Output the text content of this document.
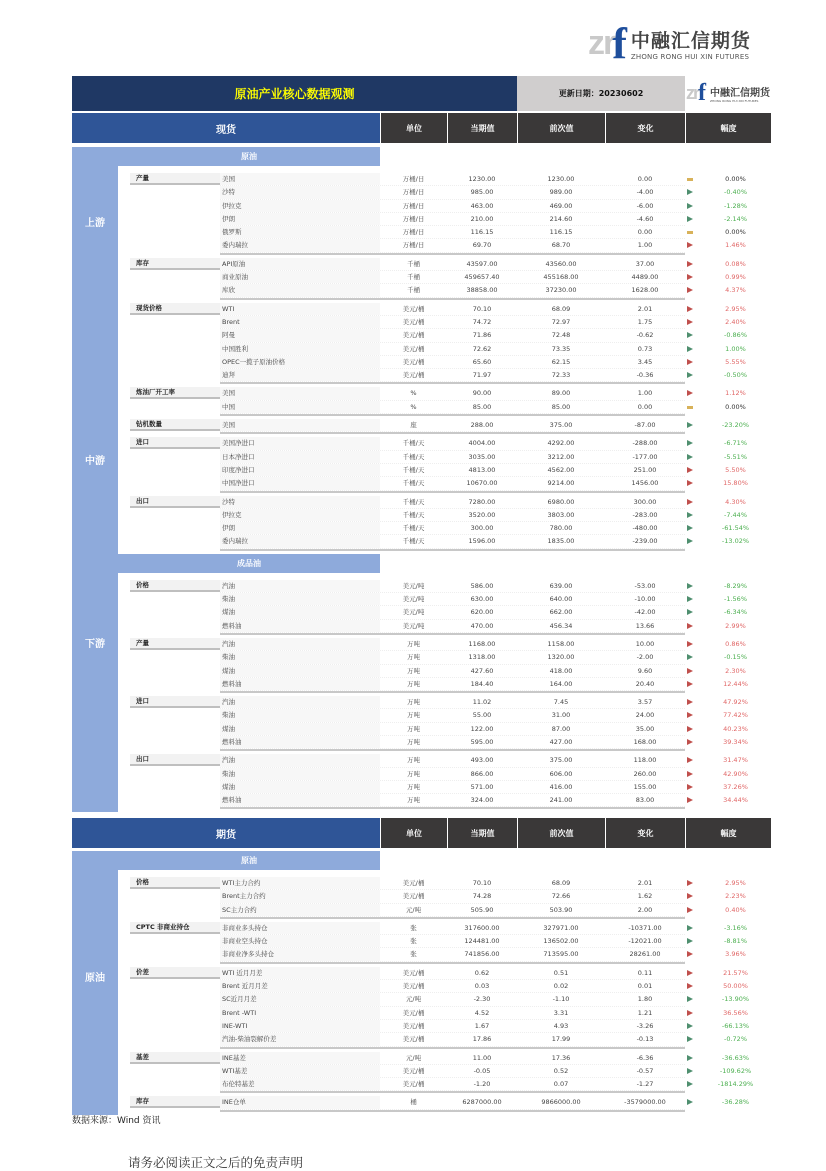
zr
f 中融汇信期货
ZHONG RONG HUI XIN FUTURES
原油产业核心数据观测	更新日期：20230602	zr f 中融汇信期货
ZHONG RONG HUI XIN FUTURES
现货	单位	当期值	前次值	变化	幅度
上游
中游
下游
原油
产量	美国	万桶/日	1230.00	1230.00	0.00	0.00%
沙特	万桶/日	985.00	989.00	-4.00	-0.40%
伊拉克	万桶/日	463.00	469.00	-6.00	-1.28%
伊朗	万桶/日	210.00	214.60	-4.60	-2.14%
俄罗斯	万桶/日	116.15	116.15	0.00	0.00%
委内瑞拉	万桶/日	69.70	68.70	1.00	1.46%
库存	API原油	千桶	43597.00	43560.00	37.00	0.08%
商业原油	千桶	459657.40	455168.00	4489.00	0.99%
库欣	千桶	38858.00	37230.00	1628.00	4.37%
现货价格	WTI	美元/桶	70.10	68.09	2.01	2.95%
Brent	美元/桶	74.72	72.97	1.75	2.40%
阿曼	美元/桶	71.86	72.48	-0.62	-0.86%
中国胜利	美元/桶	72.62	73.35	0.73	1.00%
OPEC一揽子原油价格	美元/桶	65.60	62.15	3.45	5.55%
迪拜	美元/桶	71.97	72.33	-0.36	-0.50%
炼油厂开工率	美国	%	90.00	89.00	1.00	1.12%
中国	%	85.00	85.00	0.00	0.00%
钻机数量	美国	座	288.00	375.00	-87.00	-23.20%
进口	美国净进口	千桶/天	4004.00	4292.00	-288.00	-6.71%
日本净进口	千桶/天	3035.00	3212.00	-177.00	-5.51%
印度净进口	千桶/天	4813.00	4562.00	251.00	5.50%
中国净进口	千桶/天	10670.00	9214.00	1456.00	15.80%
出口	沙特	千桶/天	7280.00	6980.00	300.00	4.30%
伊拉克	千桶/天	3520.00	3803.00	-283.00	-7.44%
伊朗	千桶/天	300.00	780.00	-480.00	-61.54%
委内瑞拉	千桶/天	1596.00	1835.00	-239.00	-13.02%
成品油
价格	汽油	美元/吨	586.00	639.00	-53.00	-8.29%
柴油	美元/吨	630.00	640.00	-10.00	-1.56%
煤油	美元/吨	620.00	662.00	-42.00	-6.34%
燃料油	美元/吨	470.00	456.34	13.66	2.99%
产量	汽油	万吨	1168.00	1158.00	10.00	0.86%
柴油	万吨	1318.00	1320.00	-2.00	-0.15%
煤油	万吨	427.60	418.00	9.60	2.30%
燃料油	万吨	184.40	164.00	20.40	12.44%
进口	汽油	万吨	11.02	7.45	3.57	47.92%
柴油	万吨	55.00	31.00	24.00	77.42%
煤油	万吨	122.00	87.00	35.00	40.23%
燃料油	万吨	595.00	427.00	168.00	39.34%
出口	汽油	万吨	493.00	375.00	118.00	31.47%
柴油	万吨	866.00	606.00	260.00	42.90%
煤油	万吨	571.00	416.00	155.00	37.26%
燃料油	万吨	324.00	241.00	83.00	34.44%
期货	单位	当期值	前次值	变化	幅度
原油
原油
价格	WTI主力合约	美元/桶	70.10	68.09	2.01	2.95%
Brent主力合约	美元/桶	74.28	72.66	1.62	2.23%
SC主力合约	元/吨	505.90	503.90	2.00	0.40%
CPTC 非商业持仓	非商业多头持仓	张	317600.00	327971.00	-10371.00	-3.16%
非商业空头持仓	张	124481.00	136502.00	-12021.00	-8.81%
非商业净多头持仓	张	741856.00	713595.00	28261.00	3.96%
价差	WTI 近月月差	美元/桶	0.62	0.51	0.11	21.57%
Brent 近月月差	美元/桶	0.03	0.02	0.01	50.00%
SC近月月差	元/吨	-2.30	-1.10	1.80	-13.90%
Brent -WTI	美元/桶	4.52	3.31	1.21	36.56%
INE-WTI	美元/桶	1.67	4.93	-3.26	-66.13%
汽油-柴油裂解价差	美元/桶	17.86	17.99	-0.13	-0.72%
基差	INE基差	元/吨	11.00	17.36	-6.36	-36.63%
WTI基差	美元/桶	-0.05	0.52	-0.57	-109.62%
布伦特基差	美元/桶	-1.20	0.07	-1.27	-1814.29%
库存	INE仓单	桶	6287000.00	9866000.00	-3579000.00	-36.28%
数据来源：Wind 资讯
请务必阅读正文之后的免责声明
